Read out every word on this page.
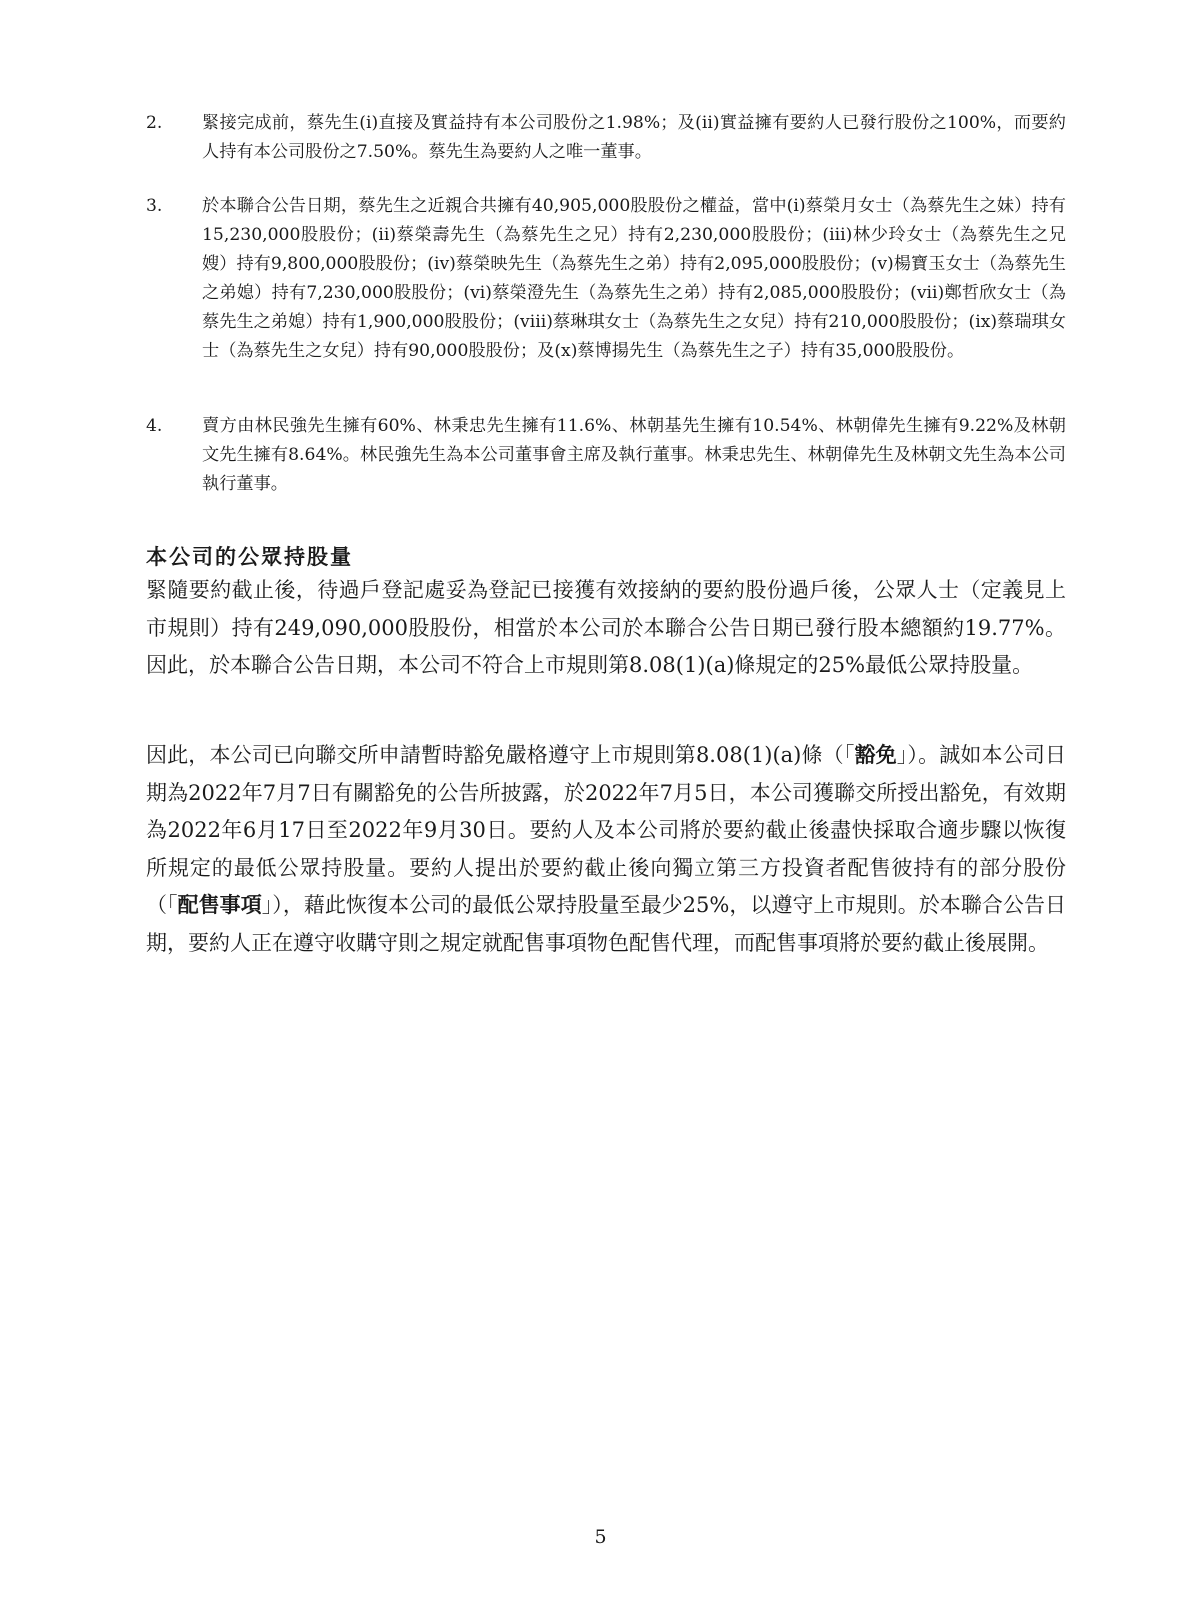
2. 緊接完成前，蔡先生(i)直接及實益持有本公司股份之1.98%；及(ii)實益擁有要約人已發行股份之100%，而要約人持有本公司股份之7.50%。蔡先生為要約人之唯一董事。
3. 於本聯合公告日期，蔡先生之近親合共擁有40,905,000股股份之權益，當中(i)蔡榮月女士（為蔡先生之妹）持有15,230,000股股份；(ii)蔡榮壽先生（為蔡先生之兄）持有2,230,000股股份；(iii)林少玲女士（為蔡先生之兄嫂）持有9,800,000股股份；(iv)蔡榮映先生（為蔡先生之弟）持有2,095,000股股份；(v)楊寶玉女士（為蔡先生之弟媳）持有7,230,000股股份；(vi)蔡榮澄先生（為蔡先生之弟）持有2,085,000股股份；(vii)鄭哲欣女士（為蔡先生之弟媳）持有1,900,000股股份；(viii)蔡琳琪女士（為蔡先生之女兒）持有210,000股股份；(ix)蔡瑞琪女士（為蔡先生之女兒）持有90,000股股份；及(x)蔡博揚先生（為蔡先生之子）持有35,000股股份。
4. 賣方由林民強先生擁有60%、林秉忠先生擁有11.6%、林朝基先生擁有10.54%、林朝偉先生擁有9.22%及林朝文先生擁有8.64%。林民強先生為本公司董事會主席及執行董事。林秉忠先生、林朝偉先生及林朝文先生為本公司執行董事。
本公司的公眾持股量
緊隨要約截止後，待過戶登記處妥為登記已接獲有效接納的要約股份過戶後，公眾人士（定義見上市規則）持有249,090,000股股份，相當於本公司於本聯合公告日期已發行股本總額約19.77%。因此，於本聯合公告日期，本公司不符合上市規則第8.08(1)(a)條規定的25%最低公眾持股量。
因此，本公司已向聯交所申請暫時豁免嚴格遵守上市規則第8.08(1)(a)條（「豁免」）。誠如本公司日期為2022年7月7日有關豁免的公告所披露，於2022年7月5日，本公司獲聯交所授出豁免，有效期為2022年6月17日至2022年9月30日。要約人及本公司將於要約截止後盡快採取合適步驟以恢復所規定的最低公眾持股量。要約人提出於要約截止後向獨立第三方投資者配售彼持有的部分股份（「配售事項」），藉此恢復本公司的最低公眾持股量至最少25%，以遵守上市規則。於本聯合公告日期，要約人正在遵守收購守則之規定就配售事項物色配售代理，而配售事項將於要約截止後展開。
5
